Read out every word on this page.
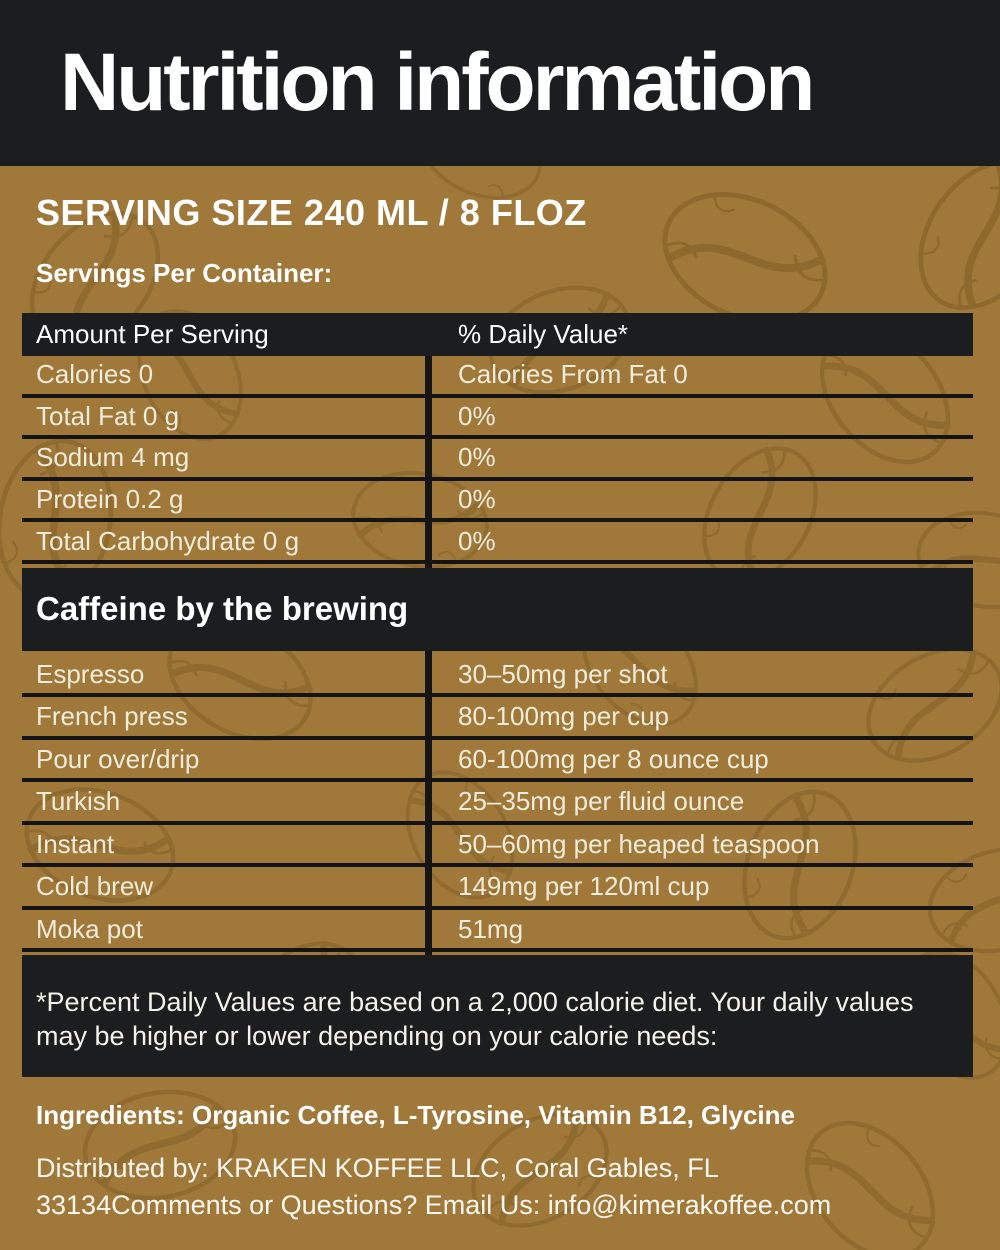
Nutrition information
SERVING SIZE 240 ML / 8 FLOZ
Servings Per Container:
Amount Per Serving	% Daily Value*
Calories 0	Calories From Fat 0
Total Fat 0 g	0%
Sodium 4 mg	0%
Protein 0.2 g	0%
Total Carbohydrate 0 g	0%
Caffeine by the brewing
Espresso	30–50mg per shot
French press	80-100mg per cup
Pour over/drip	60-100mg per 8 ounce cup
Turkish	25–35mg per fluid ounce
Instant	50–60mg per heaped teaspoon
Cold brew	149mg per 120ml cup
Moka pot	51mg
*Percent Daily Values are based on a 2,000 calorie diet. Your daily values may be higher or lower depending on your calorie needs:
Ingredients: Organic Coffee, L-Tyrosine, Vitamin B12, Glycine
Distributed by: KRAKEN KOFFEE LLC, Coral Gables, FL 33134Comments or Questions? Email Us: info@kimerakoffee.com
